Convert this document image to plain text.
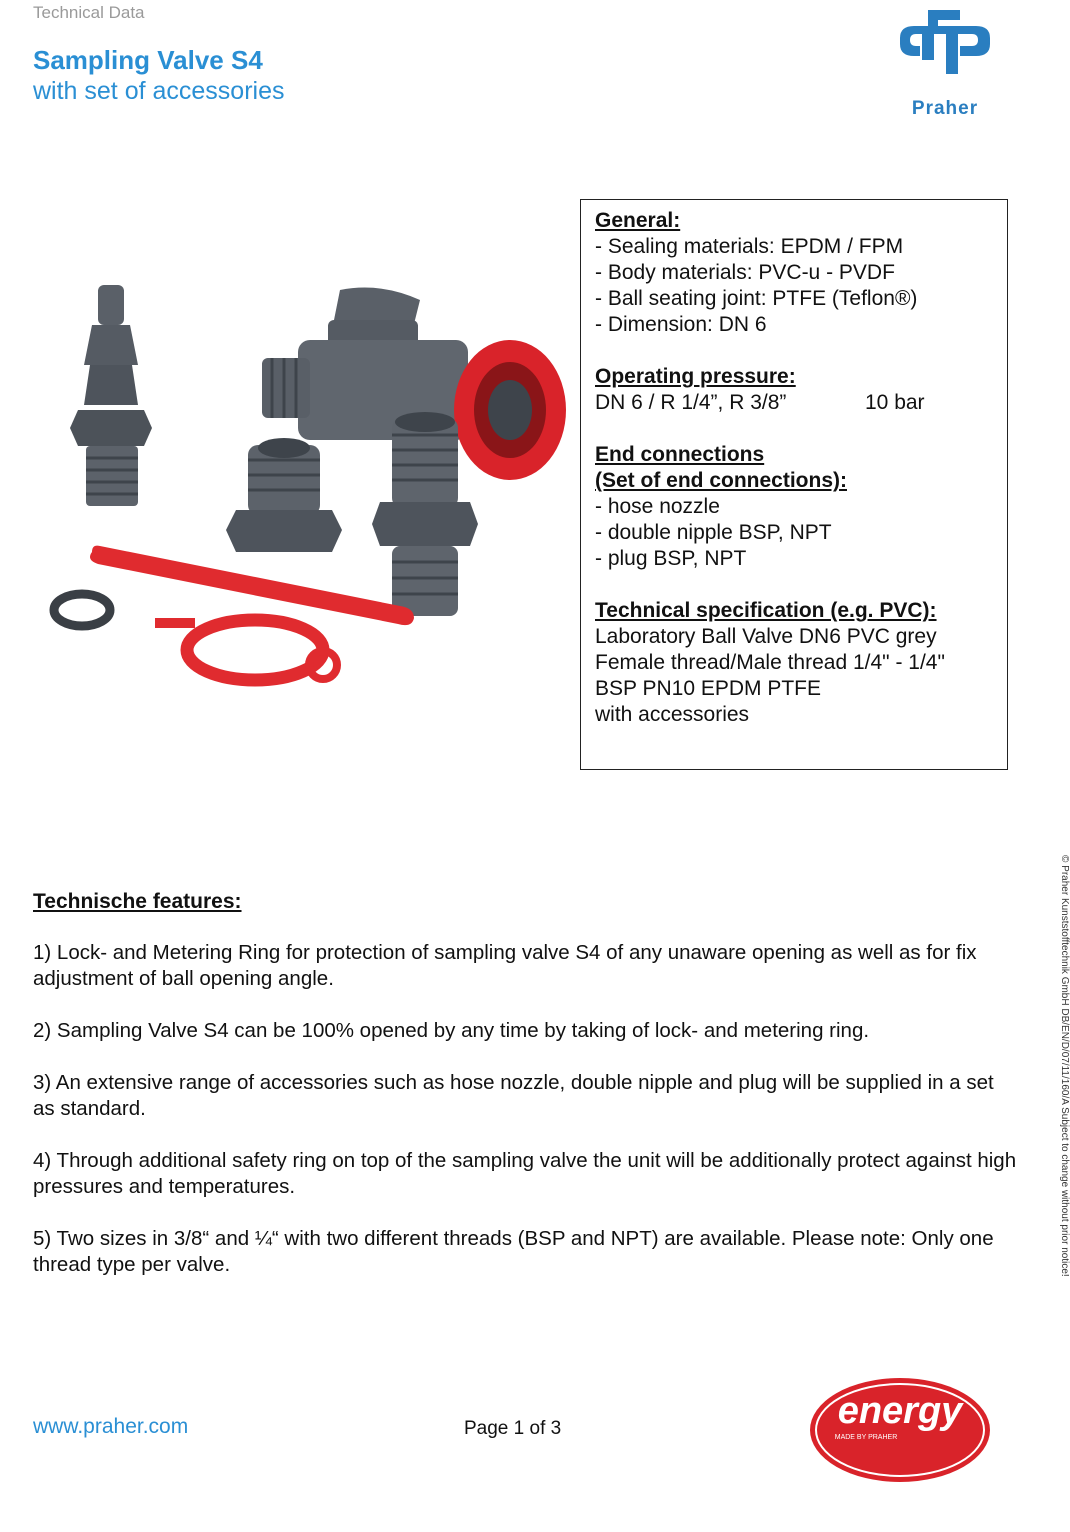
Technical Data
Sampling Valve S4
with set of accessories
Praher
General:
- Sealing materials: EPDM / FPM
- Body materials: PVC-u - PVDF
- Ball seating joint: PTFE (Teflon®)
- Dimension: DN 6
Operating pressure:
DN 6 / R 1/4”, R 3/8”	10 bar
End connections
(Set of end connections):
- hose nozzle
- double nipple BSP, NPT
- plug BSP, NPT
Technical specification (e.g. PVC):
Laboratory Ball Valve DN6 PVC grey
Female thread/Male thread 1/4" - 1/4"
BSP PN10 EPDM PTFE
with accessories
Technische features:
1) Lock- and Metering Ring for protection of sampling valve S4 of any unaware opening as well as for fix adjustment of ball opening angle.
2) Sampling Valve S4 can be 100% opened by any time by taking of lock- and metering ring.
3) An extensive range of accessories such as hose nozzle, double nipple and plug will be supplied in a set as standard.
4) Through additional safety ring on top of the sampling valve the unit will be additionally protect against high pressures and temperatures.
5) Two sizes in 3/8“ and ¼“ with two different threads (BSP and NPT) are available. Please note: Only one thread type per valve.	© Praher Kunststofftechnik GmbH DB/EN/D/07/11/160/A Subject to change without prior notice!
www.praher.com	Page 1 of 3	energy
MADE BY PRAHER
